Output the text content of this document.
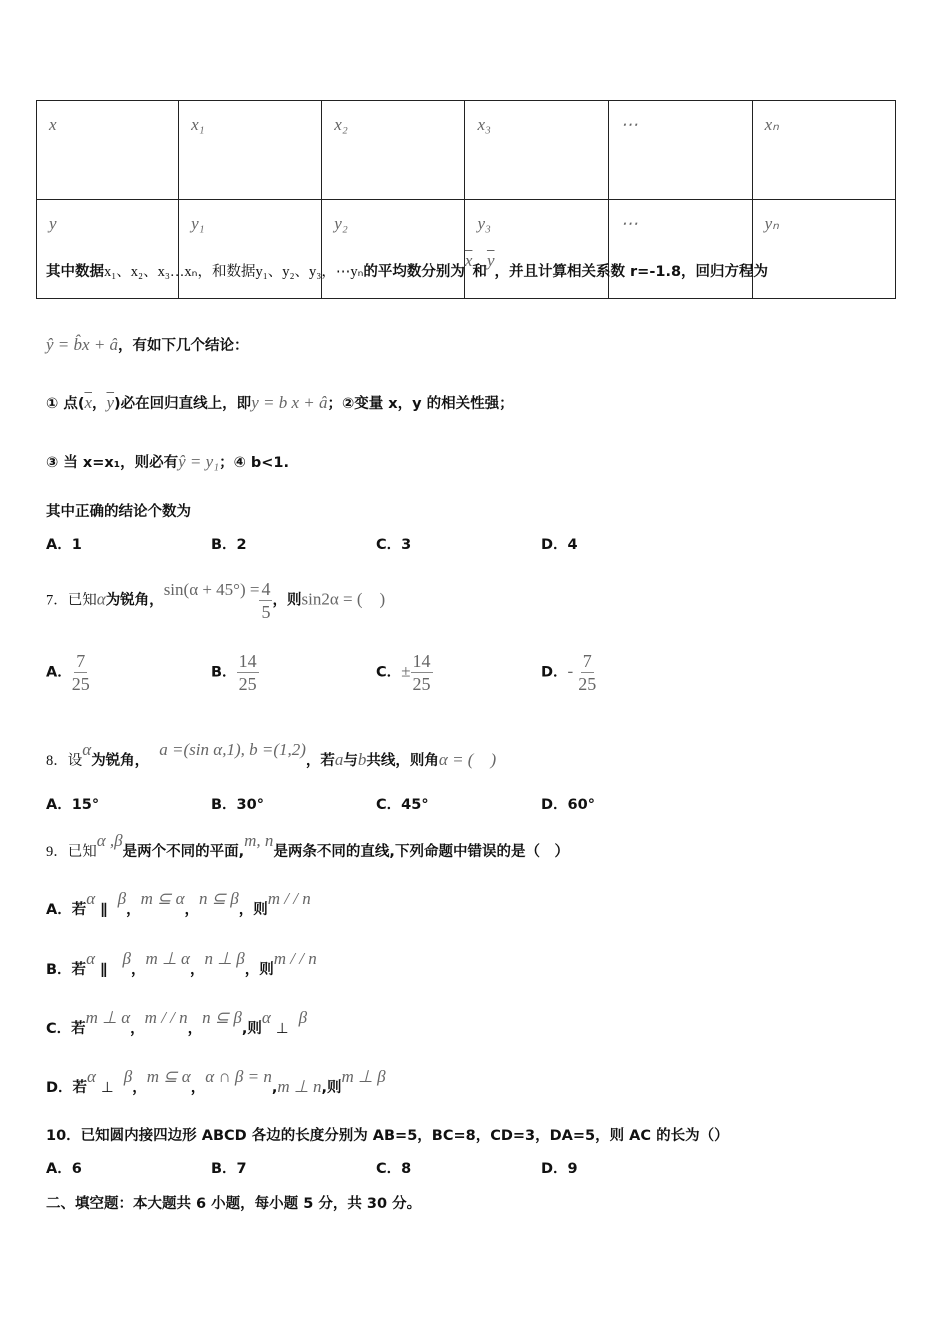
x	x₁	x₂	x₃	⋯	xₙ
y	y₁	y₂	y₃	⋯	yₙ
其中数据x₁、x₂、x₃…xₙ，和数据y₁、y₂、y₃，⋯yₙ的平均数分别为$\overline{x}$和$\overline{y}$，并且计算相关系数 r=-1.8，回归方程为
ŷ = b̂x + â，有如下几个结论：
① 点($\overline{x}$，$\overline{y}$)必在回归直线上，即y = b x + â；②变量 x，y 的相关性强；
③ 当 x=x₁，则必有ŷ = y₁；④ b<1.
其中正确的结论个数为
A．1	B．2	C．3	D．4
7．已知α为锐角，$\sin(\alpha + 45^\circ) = \frac{4}{5}$ ，则sin2α = (　)
A． $\frac{7}{25}$	B． $\frac{14}{25}$	C．± $\frac{14}{25}$	D．- $\frac{7}{25}$
8．设α为锐角，  a =(sin α,1), b =(1,2)，若a与b共线，则角α = (　)
A．15°	B．30°	C．45°	D．60°
9．已知α ,β是两个不同的平面,m, n是两条不同的直线,下列命题中错误的是（　）
A．若α ∥  β，m ⊆ α，n ⊆ β，则m / / n
B．若α ∥   β，m ⊥ α，n ⊥ β，则m / / n
C．若m ⊥ α，m / / n，n ⊆ β,则α ⊥  β
D．若α ⊥  β，m ⊆ α，α ∩ β = n,m ⊥ n,则m ⊥ β
10．已知圆内接四边形 ABCD 各边的长度分别为 AB=5，BC=8，CD=3，DA=5，则 AC 的长为（）
A．6	B．7	C．8	D．9
二、填空题：本大题共 6 小题，每小题 5 分，共 30 分。
